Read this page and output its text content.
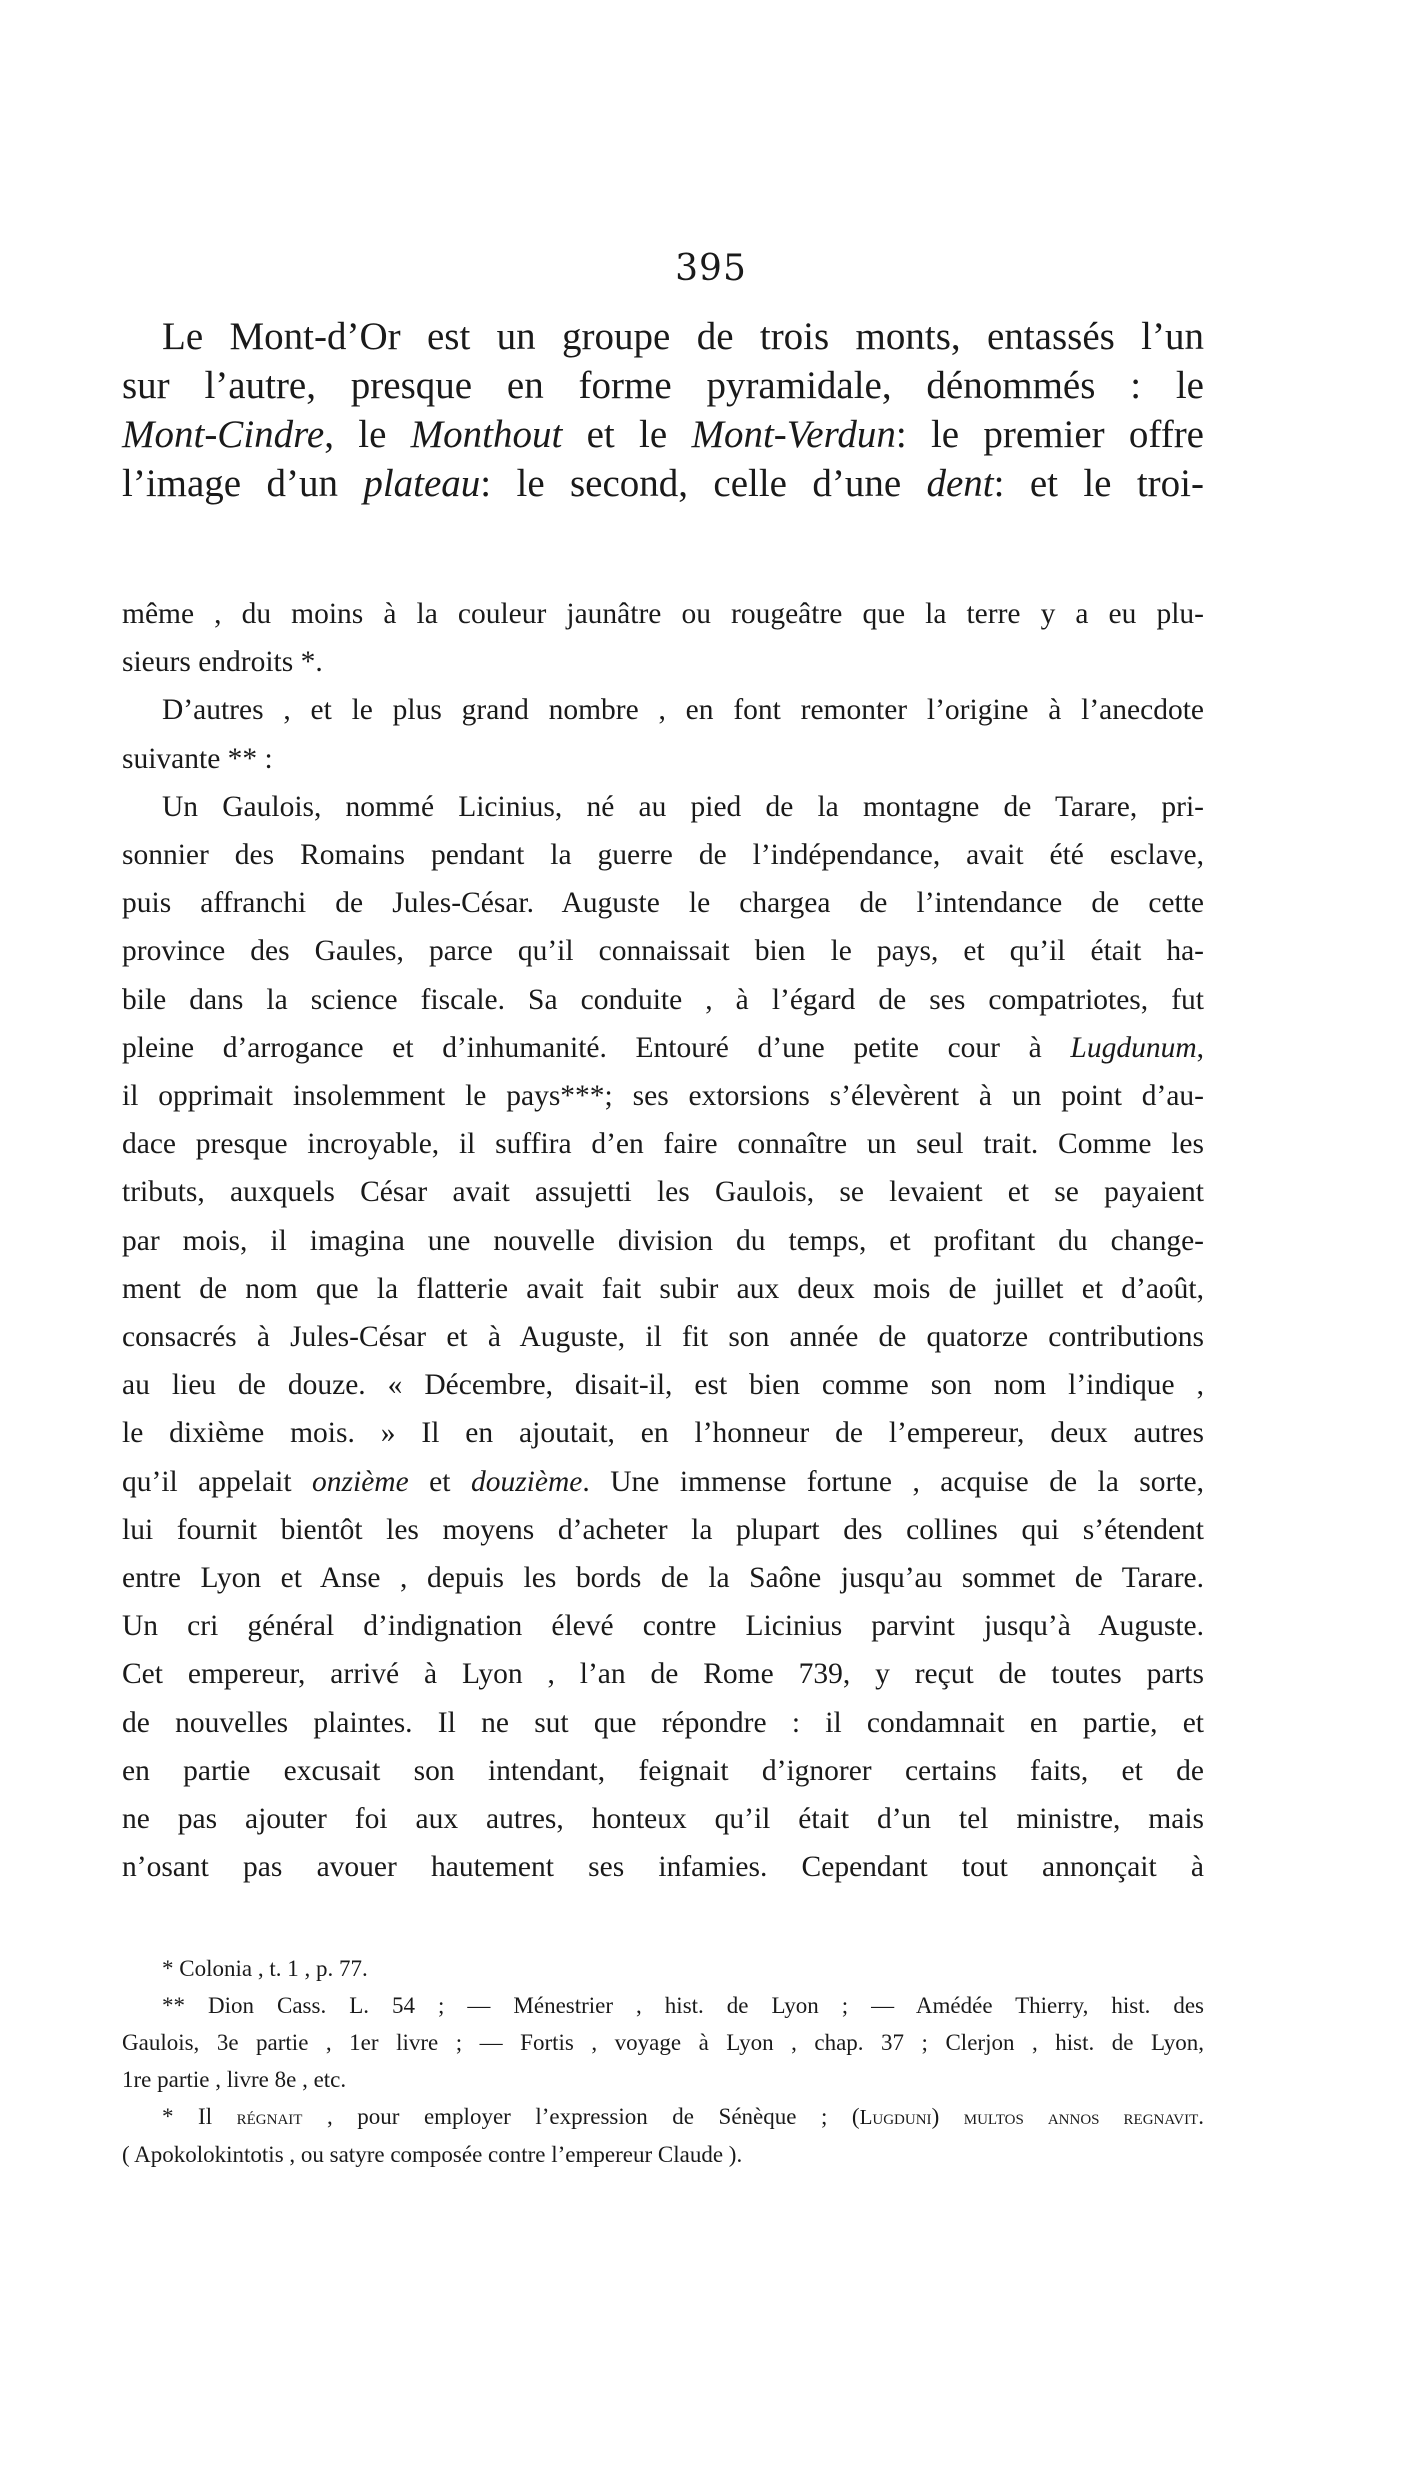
395
Le Mont-d’Or est un groupe de trois monts, entassés l’un
sur l’autre, presque en forme pyramidale, dénommés : le
Mont-Cindre, le Monthout et le Mont-Verdun: le premier offre
l’image d’un plateau: le second, celle d’une dent: et le troi-
même , du moins à la couleur jaunâtre ou rougeâtre que la terre y a eu plu-
sieurs endroits *.
D’autres , et le plus grand nombre , en font remonter l’origine à l’anecdote
suivante ** :
Un Gaulois, nommé Licinius, né au pied de la montagne de Tarare, pri-
sonnier des Romains pendant la guerre de l’indépendance, avait été esclave,
puis affranchi de Jules-César. Auguste le chargea de l’intendance de cette
province des Gaules, parce qu’il connaissait bien le pays, et qu’il était ha-
bile dans la science fiscale. Sa conduite , à l’égard de ses compatriotes, fut
pleine d’arrogance et d’inhumanité. Entouré d’une petite cour à Lugdunum,
il opprimait insolemment le pays***; ses extorsions s’élevèrent à un point d’au-
dace presque incroyable, il suffira d’en faire connaître un seul trait. Comme les
tributs, auxquels César avait assujetti les Gaulois, se levaient et se payaient
par mois, il imagina une nouvelle division du temps, et profitant du change-
ment de nom que la flatterie avait fait subir aux deux mois de juillet et d’août,
consacrés à Jules-César et à Auguste, il fit son année de quatorze contributions
au lieu de douze. « Décembre, disait-il, est bien comme son nom l’indique ,
le dixième mois. » Il en ajoutait, en l’honneur de l’empereur, deux autres
qu’il appelait onzième et douzième. Une immense fortune , acquise de la sorte,
lui fournit bientôt les moyens d’acheter la plupart des collines qui s’étendent
entre Lyon et Anse , depuis les bords de la Saône jusqu’au sommet de Tarare.
Un cri général d’indignation élevé contre Licinius parvint jusqu’à Auguste.
Cet empereur, arrivé à Lyon , l’an de Rome 739, y reçut de toutes parts
de nouvelles plaintes. Il ne sut que répondre : il condamnait en partie, et
en partie excusait son intendant, feignait d’ignorer certains faits, et de
ne pas ajouter foi aux autres, honteux qu’il était d’un tel ministre, mais
n’osant pas avouer hautement ses infamies. Cependant tout annonçait à
* Colonia , t. 1 , p. 77.
** Dion Cass. L. 54 ; — Ménestrier , hist. de Lyon ; — Amédée Thierry, hist. des
Gaulois, 3e partie , 1er livre ; — Fortis , voyage à Lyon , chap. 37 ; Clerjon , hist. de Lyon,
1re partie , livre 8e , etc.
* Il régnait , pour employer l’expression de Sénèque ; (Lugduni) multos annos regnavit.
( Apokolokintotis , ou satyre composée contre l’empereur Claude ).
